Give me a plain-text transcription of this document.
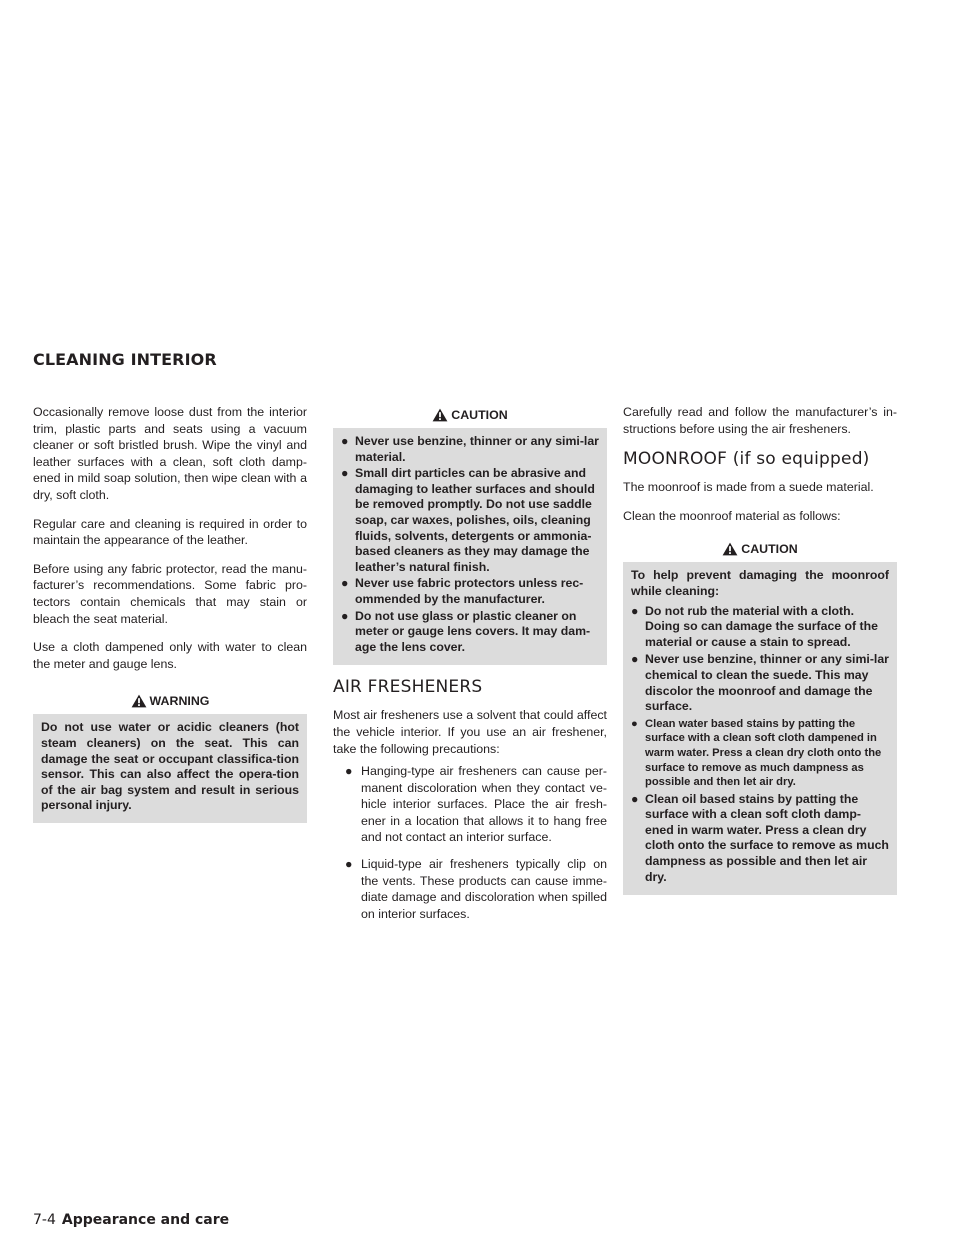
CLEANING INTERIOR

Occasionally remove loose dust from the interior trim, plastic parts and seats using a vacuum cleaner or soft bristled brush. Wipe the vinyl and leather surfaces with a clean, soft cloth damp-ened in mild soap solution, then wipe clean with a dry, soft cloth.

Regular care and cleaning is required in order to maintain the appearance of the leather.

Before using any fabric protector, read the manu-facturer’s recommendations. Some fabric pro-tectors contain chemicals that may stain or bleach the seat material.

Use a cloth dampened only with water to clean the meter and gauge lens.

WARNING

Do not use water or acidic cleaners (hot steam cleaners) on the seat. This can damage the seat or occupant classifica-tion sensor. This can also affect the opera-tion of the air bag system and result in serious personal injury.

CAUTION
● Never use benzine, thinner or any simi-lar material.
● Small dirt particles can be abrasive and damaging to leather surfaces and should be removed promptly. Do not use saddle soap, car waxes, polishes, oils, cleaning fluids, solvents, detergents or ammonia-based cleaners as they may damage the leather’s natural finish.
● Never use fabric protectors unless rec-ommended by the manufacturer.
● Do not use glass or plastic cleaner on meter or gauge lens covers. It may dam-age the lens cover.
AIR FRESHENERS

Most air fresheners use a solvent that could affect the vehicle interior. If you use an air freshener, take the following precautions:

● Hanging-type air fresheners can cause per-manent discoloration when they contact ve-hicle interior surfaces. Place the air fresh-ener in a location that allows it to hang free and not contact an interior surface.
● Liquid-type air fresheners typically clip on the vents. These products can cause imme-diate damage and discoloration when spilled on interior surfaces.

Carefully read and follow the manufacturer’s in-structions before using the air fresheners.

MOONROOF (if so equipped)

The moonroof is made from a suede material.

Clean the moonroof material as follows:

CAUTION

To help prevent damaging the moonroof while cleaning:

● Do not rub the material with a cloth. Doing so can damage the surface of the material or cause a stain to spread.
● Never use benzine, thinner or any simi-lar chemical to clean the suede. This may discolor the moonroof and damage the surface.
● Clean water based stains by patting the surface with a clean soft cloth dampened in warm water. Press a clean dry cloth onto the surface to remove as much dampness as possible and then let air dry.
● Clean oil based stains by patting the surface with a clean soft cloth damp-ened in warm water. Press a clean dry cloth onto the surface to remove as much dampness as possible and then let air dry.

7-4 Appearance and care
